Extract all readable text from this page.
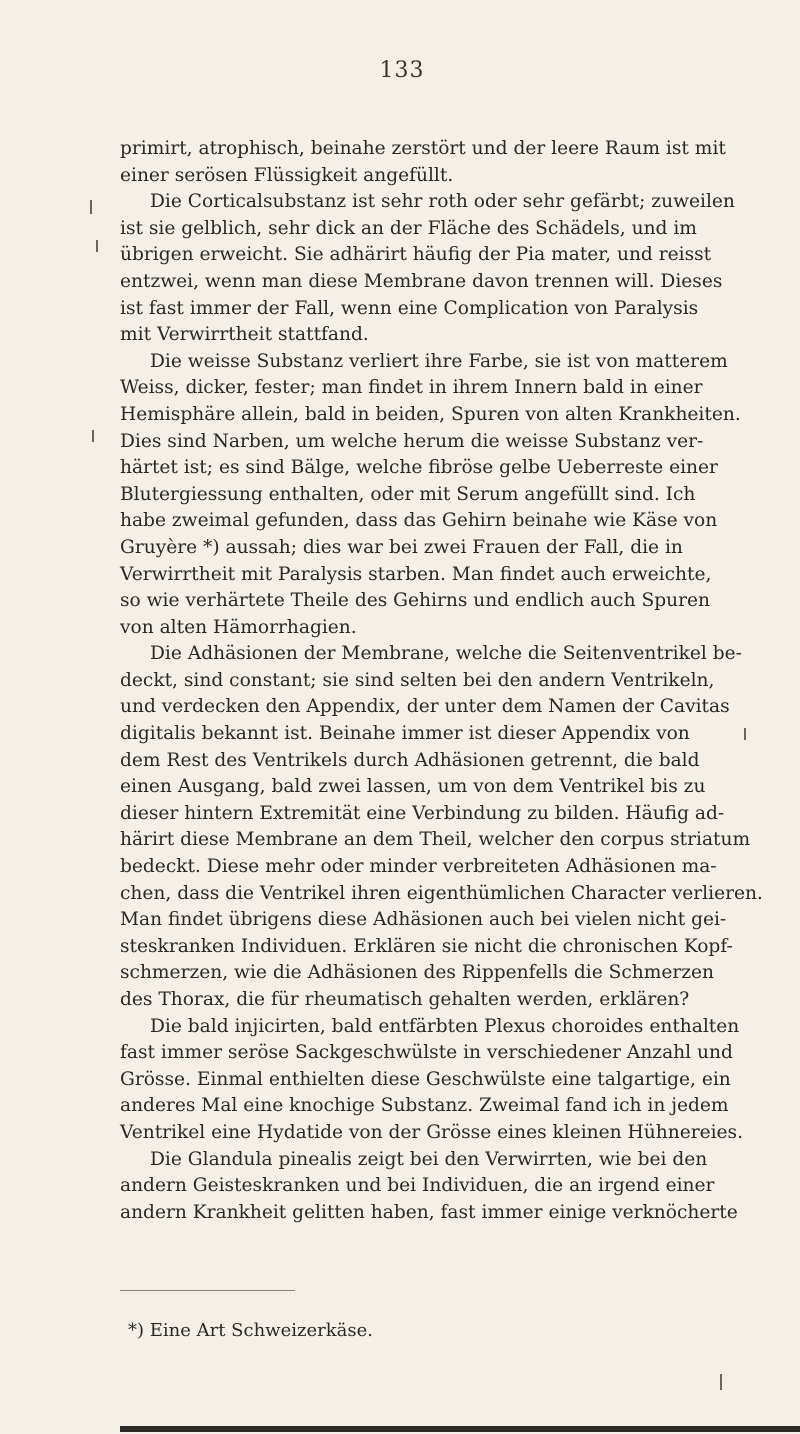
133
primirt, atrophisch, beinahe zerstört und der leere Raum ist mit
einer serösen Flüssigkeit angefüllt.
Die Corticalsubstanz ist sehr roth oder sehr gefärbt; zuweilen
ist sie gelblich, sehr dick an der Fläche des Schädels, und im
übrigen erweicht. Sie adhärirt häufig der Pia mater, und reisst
entzwei, wenn man diese Membrane davon trennen will. Dieses
ist fast immer der Fall, wenn eine Complication von Paralysis
mit Verwirrtheit stattfand.
Die weisse Substanz verliert ihre Farbe, sie ist von matterem
Weiss, dicker, fester; man findet in ihrem Innern bald in einer
Hemisphäre allein, bald in beiden, Spuren von alten Krankheiten.
Dies sind Narben, um welche herum die weisse Substanz ver-
härtet ist; es sind Bälge, welche fibröse gelbe Ueberreste einer
Blutergiessung enthalten, oder mit Serum angefüllt sind. Ich
habe zweimal gefunden, dass das Gehirn beinahe wie Käse von
Gruyère *) aussah; dies war bei zwei Frauen der Fall, die in
Verwirrtheit mit Paralysis starben. Man findet auch erweichte,
so wie verhärtete Theile des Gehirns und endlich auch Spuren
von alten Hämorrhagien.
Die Adhäsionen der Membrane, welche die Seitenventrikel be-
deckt, sind constant; sie sind selten bei den andern Ventrikeln,
und verdecken den Appendix, der unter dem Namen der Cavitas
digitalis bekannt ist. Beinahe immer ist dieser Appendix von
dem Rest des Ventrikels durch Adhäsionen getrennt, die bald
einen Ausgang, bald zwei lassen, um von dem Ventrikel bis zu
dieser hintern Extremität eine Verbindung zu bilden. Häufig ad-
härirt diese Membrane an dem Theil, welcher den corpus striatum
bedeckt. Diese mehr oder minder verbreiteten Adhäsionen ma-
chen, dass die Ventrikel ihren eigenthümlichen Character verlieren.
Man findet übrigens diese Adhäsionen auch bei vielen nicht gei-
steskranken Individuen. Erklären sie nicht die chronischen Kopf-
schmerzen, wie die Adhäsionen des Rippenfells die Schmerzen
des Thorax, die für rheumatisch gehalten werden, erklären?
Die bald injicirten, bald entfärbten Plexus choroides enthalten
fast immer seröse Sackgeschwülste in verschiedener Anzahl und
Grösse. Einmal enthielten diese Geschwülste eine talgartige, ein
anderes Mal eine knochige Substanz. Zweimal fand ich in jedem
Ventrikel eine Hydatide von der Grösse eines kleinen Hühnereies.
Die Glandula pinealis zeigt bei den Verwirrten, wie bei den
andern Geisteskranken und bei Individuen, die an irgend einer
andern Krankheit gelitten haben, fast immer einige verknöcherte
*) Eine Art Schweizerkäse.
